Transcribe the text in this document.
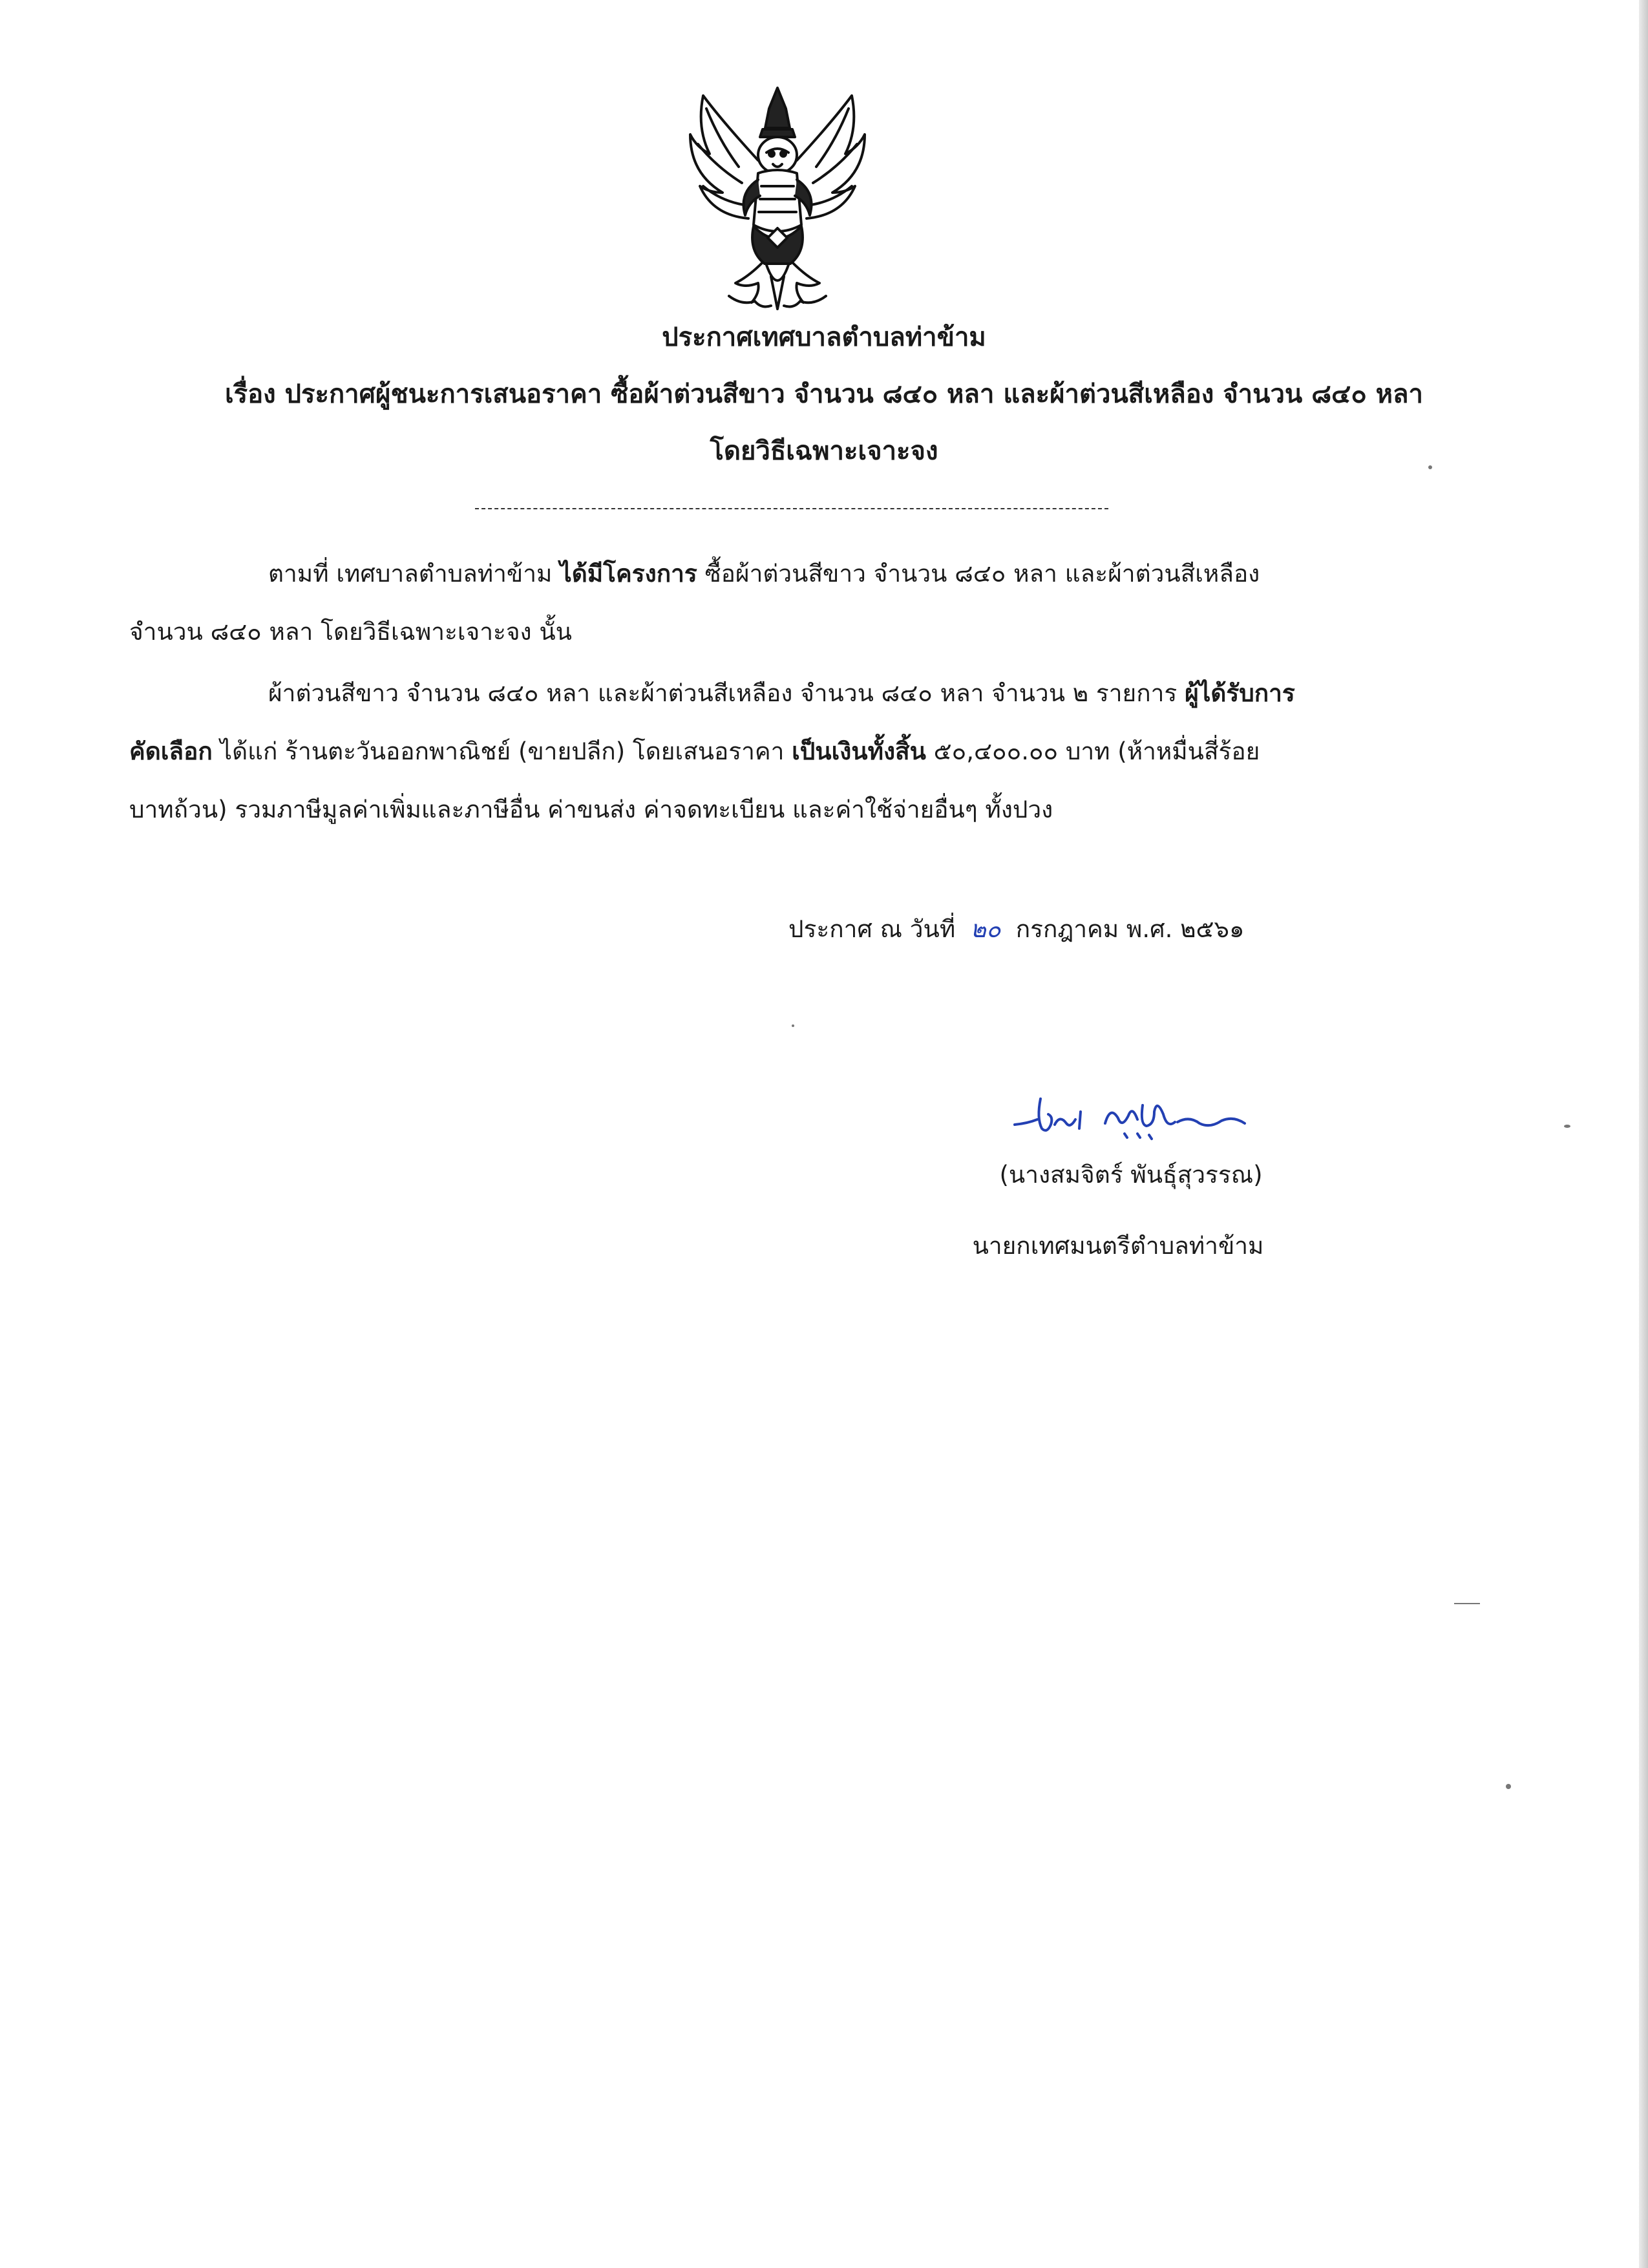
ประกาศเทศบาลตำบลท่าข้าม
เรื่อง ประกาศผู้ชนะการเสนอราคา ซื้อผ้าต่วนสีขาว จำนวน ๘๔๐ หลา และผ้าต่วนสีเหลือง จำนวน ๘๔๐ หลา
โดยวิธีเฉพาะเจาะจง
ตามที่ เทศบาลตำบลท่าข้าม ได้มีโครงการ ซื้อผ้าต่วนสีขาว จำนวน ๘๔๐ หลา และผ้าต่วนสีเหลือง
จำนวน ๘๔๐ หลา โดยวิธีเฉพาะเจาะจง นั้น
ผ้าต่วนสีขาว จำนวน ๘๔๐ หลา และผ้าต่วนสีเหลือง จำนวน ๘๔๐ หลา จำนวน ๒ รายการ ผู้ได้รับการ
คัดเลือก ได้แก่ ร้านตะวันออกพาณิชย์ (ขายปลีก) โดยเสนอราคา เป็นเงินทั้งสิ้น ๕๐,๔๐๐.๐๐ บาท (ห้าหมื่นสี่ร้อย
บาทถ้วน) รวมภาษีมูลค่าเพิ่มและภาษีอื่น ค่าขนส่ง ค่าจดทะเบียน และค่าใช้จ่ายอื่นๆ ทั้งปวง
ประกาศ ณ วันที่ ๒๐ กรกฎาคม พ.ศ. ๒๕๖๑
(นางสมจิตร์ พันธุ์สุวรรณ)
นายกเทศมนตรีตำบลท่าข้าม
